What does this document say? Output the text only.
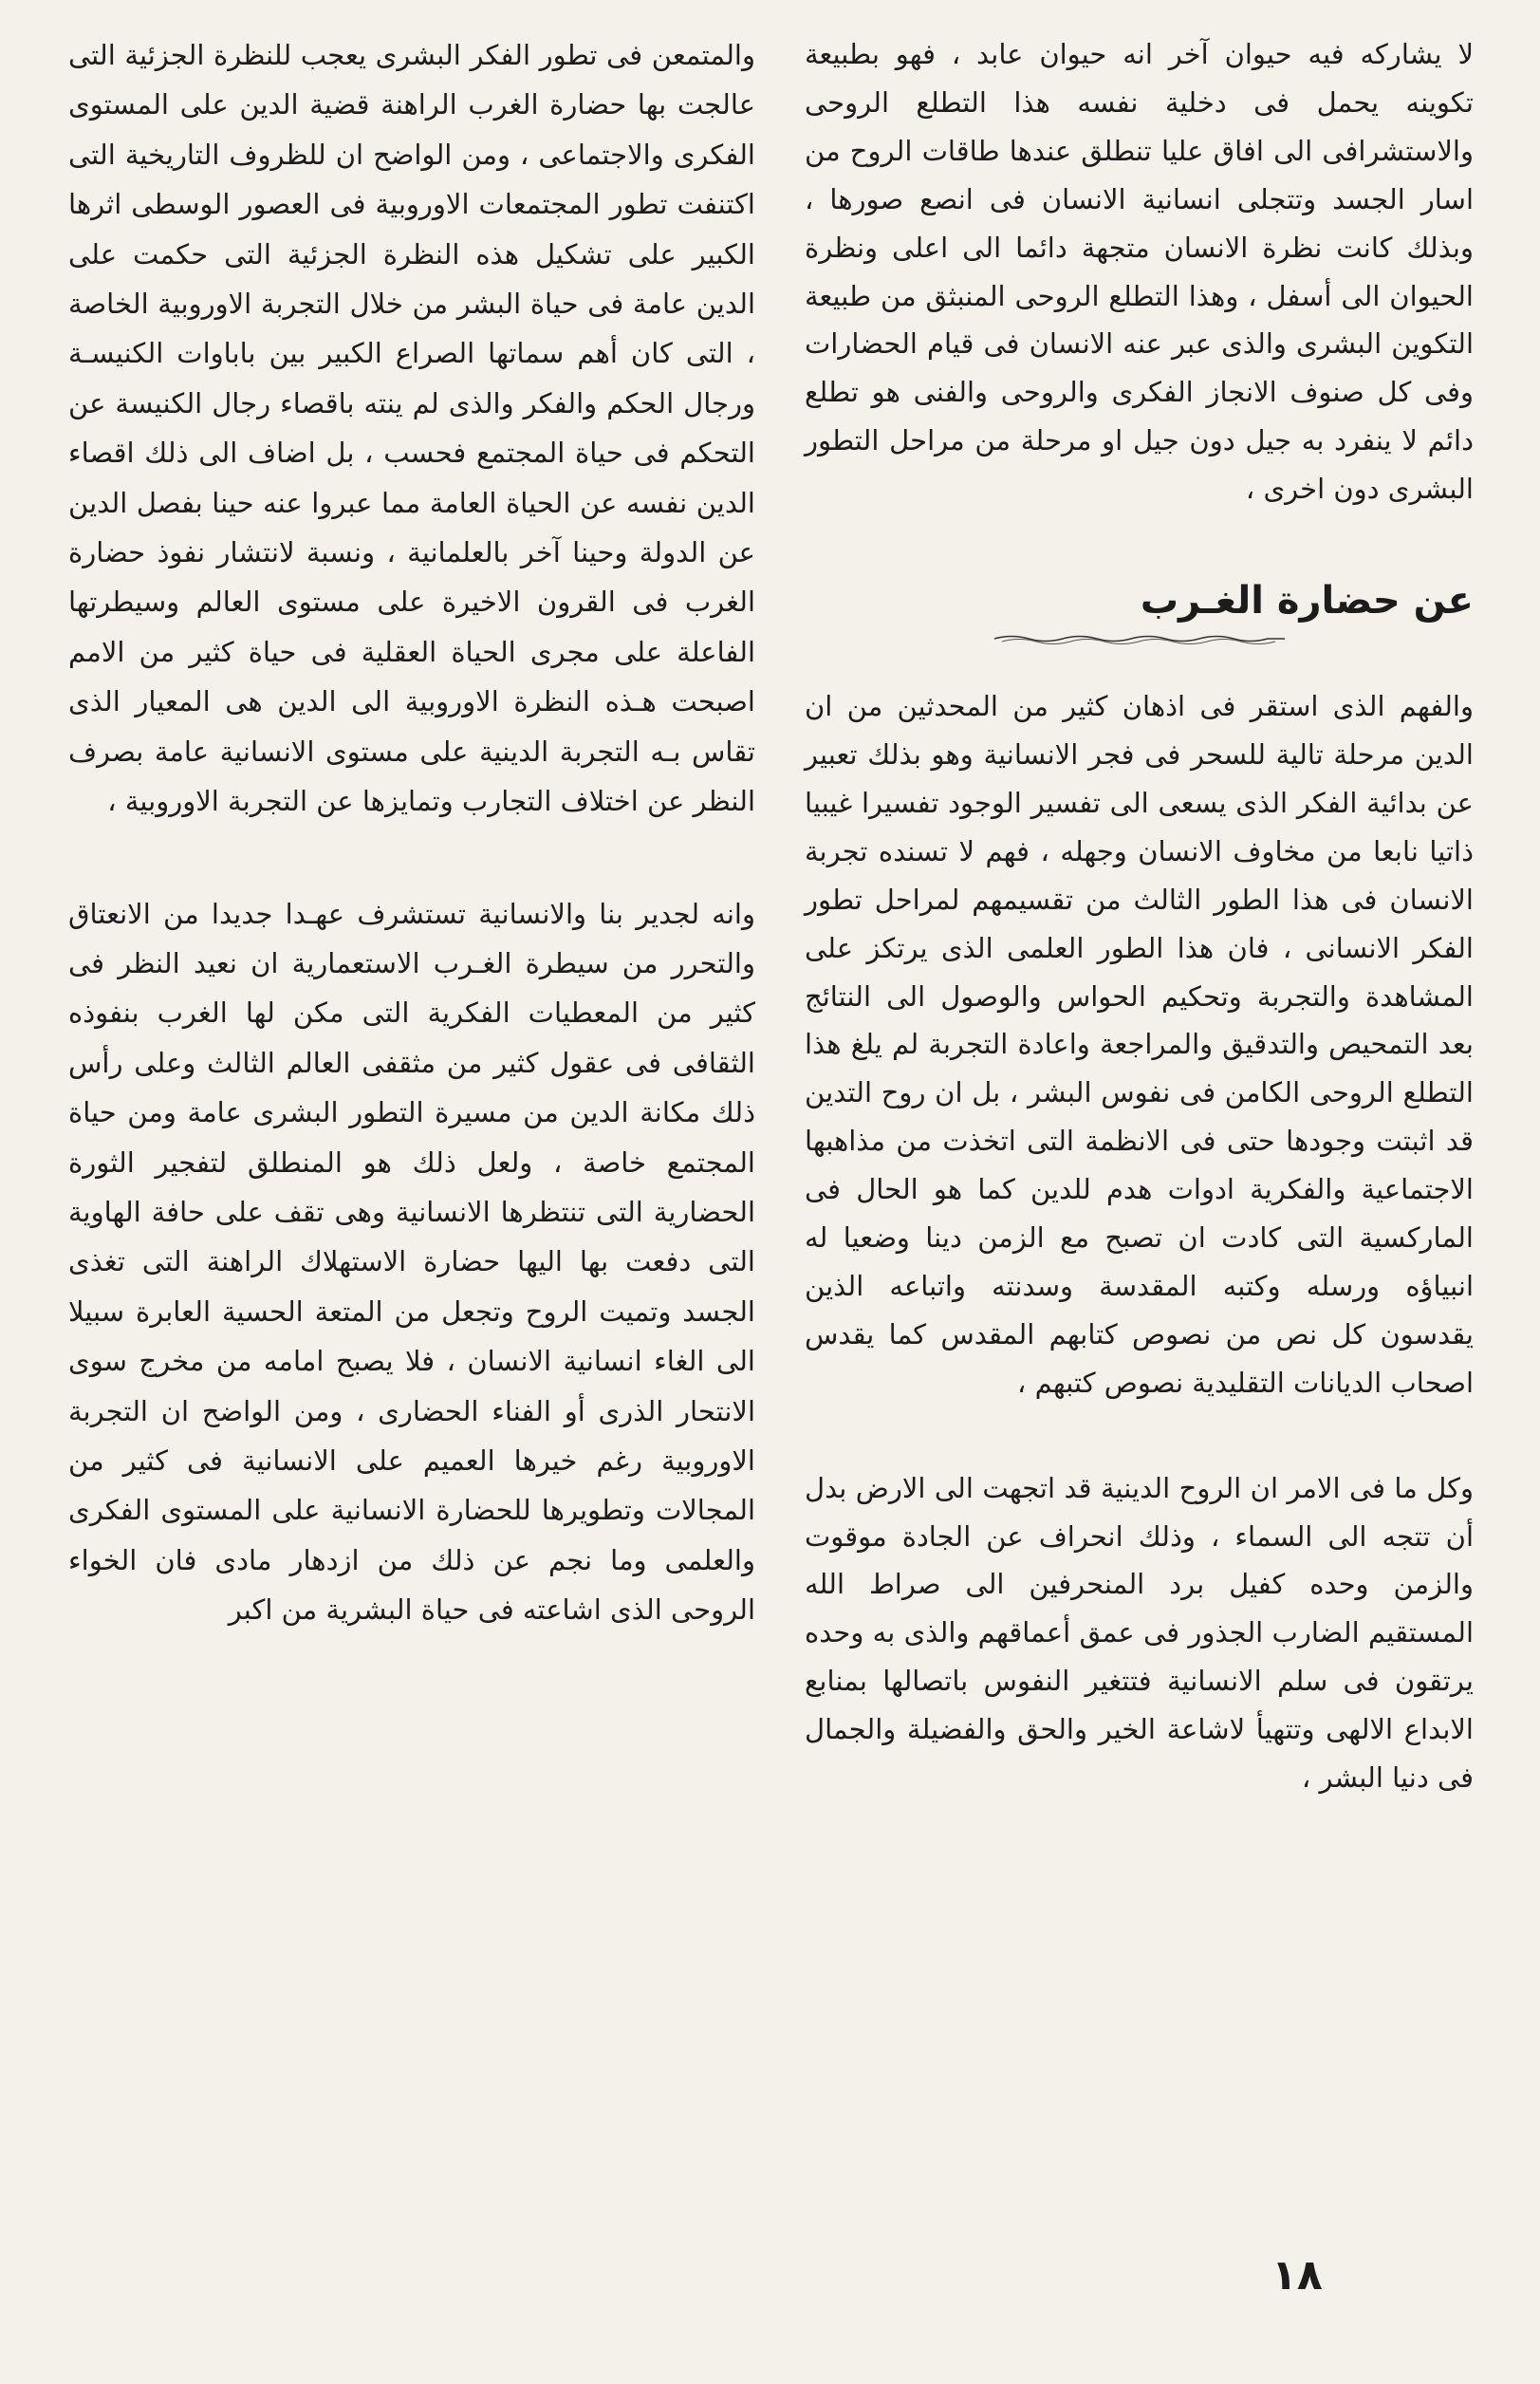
لا يشاركه فيه حيوان آخر انه حيوان عابد ، فهو بطبيعة تكوينه يحمل فى دخلية نفسه هذا التطلع الروحى والاستشرافى الى افاق عليا تنطلق عندها طاقات الروح من اسار الجسد وتتجلى انسانية الانسان فى انصع صورها ، وبذلك كانت نظرة الانسان متجهة دائما الى اعلى ونظرة الحيوان الى أسفل ، وهذا التطلع الروحى المنبثق من طبيعة التكوين البشرى والذى عبر عنه الانسان فى قيام الحضارات وفى كل صنوف الانجاز الفكرى والروحى والفنى هو تطلع دائم لا ينفرد به جيل دون جيل او مرحلة من مراحل التطور البشرى دون اخرى ،

عن حضارة الغـرب

والفهم الذى استقر فى اذهان كثير من المحدثين من ان الدين مرحلة تالية للسحر فى فجر الانسانية وهو بذلك تعبير عن بدائية الفكر الذى يسعى الى تفسير الوجود تفسيرا غيبيا ذاتيا نابعا من مخاوف الانسان وجهله ، فهم لا تسنده تجربة الانسان فى هذا الطور الثالث من تقسيمهم لمراحل تطور الفكر الانسانى ، فان هذا الطور العلمى الذى يرتكز على المشاهدة والتجربة وتحكيم الحواس والوصول الى النتائج بعد التمحيص والتدقيق والمراجعة واعادة التجربة لم يلغ هذا التطلع الروحى الكامن فى نفوس البشر ، بل ان روح التدين قد اثبتت وجودها حتى فى الانظمة التى اتخذت من مذاهبها الاجتماعية والفكرية ادوات هدم للدين كما هو الحال فى الماركسية التى كادت ان تصبح مع الزمن دينا وضعيا له انبياؤه ورسله وكتبه المقدسة وسدنته واتباعه الذين يقدسون كل نص من نصوص كتابهم المقدس كما يقدس اصحاب الديانات التقليدية نصوص كتبهم ،

وكل ما فى الامر ان الروح الدينية قد اتجهت الى الارض بدل أن تتجه الى السماء ، وذلك انحراف عن الجادة موقوت والزمن وحده كفيل برد المنحرفين الى صراط الله المستقيم الضارب الجذور فى عمق أعماقهم والذى به وحده يرتقون فى سلم الانسانية فتتغير النفوس باتصالها بمنابع الابداع الالهى وتتهيأ لاشاعة الخير والحق والفضيلة والجمال فى دنيا البشر ،

والمتمعن فى تطور الفكر البشرى يعجب للنظرة الجزئية التى عالجت بها حضارة الغرب الراهنة قضية الدين على المستوى الفكرى والاجتماعى ، ومن الواضح ان للظروف التاريخية التى اكتنفت تطور المجتمعات الاوروبية فى العصور الوسطى اثرها الكبير على تشكيل هذه النظرة الجزئية التى حكمت على الدين عامة فى حياة البشر من خلال التجربة الاوروبية الخاصة ، التى كان أهم سماتها الصراع الكبير بين باباوات الكنيسـة ورجال الحكم والفكر والذى لم ينته باقصاء رجال الكنيسة عن التحكم فى حياة المجتمع فحسب ، بل اضاف الى ذلك اقصاء الدين نفسه عن الحياة العامة مما عبروا عنه حينا بفصل الدين عن الدولة وحينا آخر بالعلمانية ، ونسبة لانتشار نفوذ حضارة الغرب فى القرون الاخيرة على مستوى العالم وسيطرتها الفاعلة على مجرى الحياة العقلية فى حياة كثير من الامم اصبحت هـذه النظرة الاوروبية الى الدين هى المعيار الذى تقاس بـه التجربة الدينية على مستوى الانسانية عامة بصرف النظر عن اختلاف التجارب وتمايزها عن التجربة الاوروبية ،

وانه لجدير بنا والانسانية تستشرف عهـدا جديدا من الانعتاق والتحرر من سيطرة الغـرب الاستعمارية ان نعيد النظر فى كثير من المعطيات الفكرية التى مكن لها الغرب بنفوذه الثقافى فى عقول كثير من مثقفى العالم الثالث وعلى رأس ذلك مكانة الدين من مسيرة التطور البشرى عامة ومن حياة المجتمع خاصة ، ولعل ذلك هو المنطلق لتفجير الثورة الحضارية التى تنتظرها الانسانية وهى تقف على حافة الهاوية التى دفعت بها اليها حضارة الاستهلاك الراهنة التى تغذى الجسد وتميت الروح وتجعل من المتعة الحسية العابرة سبيلا الى الغاء انسانية الانسان ، فلا يصبح امامه من مخرج سوى الانتحار الذرى أو الفناء الحضارى ، ومن الواضح ان التجربة الاوروبية رغم خيرها العميم على الانسانية فى كثير من المجالات وتطويرها للحضارة الانسانية على المستوى الفكرى والعلمى وما نجم عن ذلك من ازدهار مادى فان الخواء الروحى الذى اشاعته فى حياة البشرية من اكبر

١٨
